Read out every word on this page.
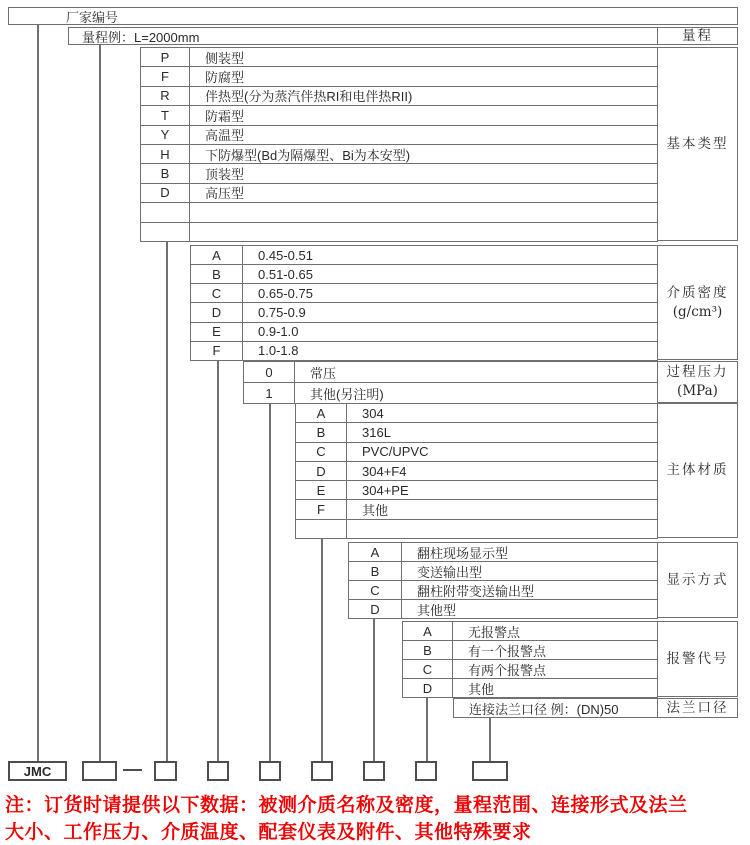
厂家编号
量程例：L=2000mm	量程
P	侧装型
F	防腐型
R	伴热型(分为蒸汽伴热RI和电伴热RII)
T	防霜型
Y	高温型
H	下防爆型(Bd为隔爆型、Bi为本安型)
B	顶装型
D	高压型
A	0.45-0.51
B	0.51-0.65
C	0.65-0.75
D	0.75-0.9
E	0.9-1.0
F	1.0-1.8
0	常压
1	其他(另注明)
A	304
B	316L
C	PVC/UPVC
D	304+F4
E	304+PE
F	其他
A	翻柱现场显示型
B	变送输出型
C	翻柱附带变送输出型
D	其他型
A	无报警点
B	有一个报警点
C	有两个报警点
D	其他
基本类型
介质密度
(g/cm³)
过程压力
(MPa)
主体材质
显示方式
报警代号
连接法兰口径 例：(DN)50	法兰口径
JMC
注：订货时请提供以下数据：被测介质名称及密度，量程范围、连接形式及法兰
大小、工作压力、介质温度、配套仪表及附件、其他特殊要求
